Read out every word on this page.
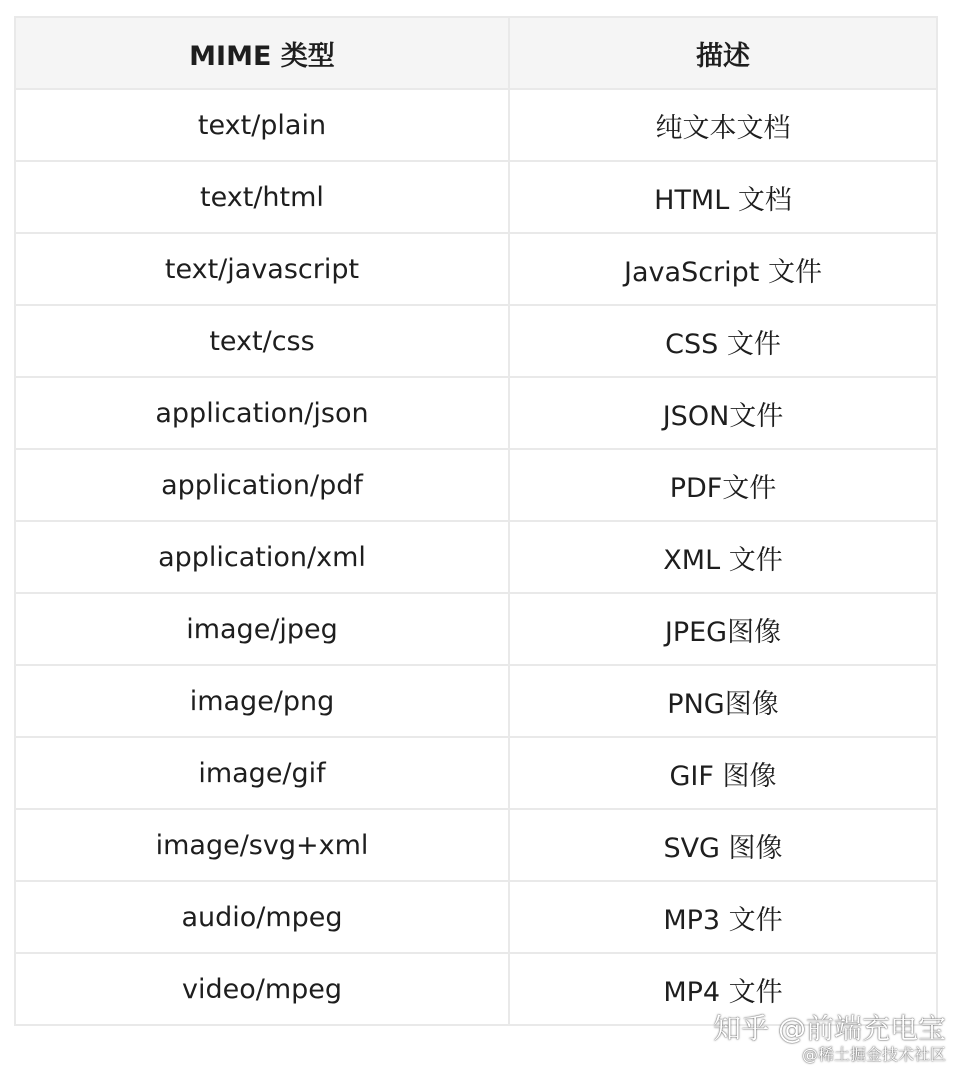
MIME 类型	描述
text/plain	纯文本文档
text/html	HTML 文档
text/javascript	JavaScript 文件
text/css	CSS 文件
application/json	JSON文件
application/pdf	PDF文件
application/xml	XML 文件
image/jpeg	JPEG图像
image/png	PNG图像
image/gif	GIF 图像
image/svg+xml	SVG 图像
audio/mpeg	MP3 文件
video/mpeg	MP4 文件
知乎 @前端充电宝
@稀土掘金技术社区
